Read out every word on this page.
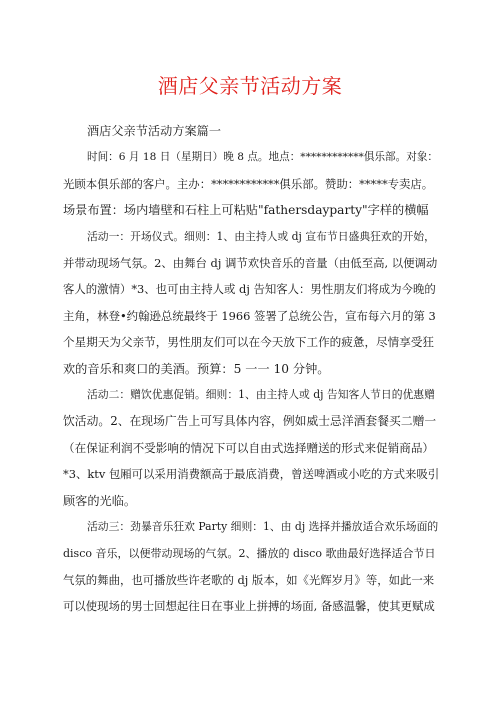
酒店父亲节活动方案
酒店父亲节活动方案篇一
时间：6 月 18 日（星期日）晚 8 点。地点：************俱乐部。对象：
光顾本俱乐部的客户。主办：************俱乐部。赞助：*****专卖店。
场景布置：场内墙壁和石柱上可粘贴"fathersdayparty"字样的横幅
活动一：开场仪式。细则：1、由主持人或 dj 宣布节日盛典狂欢的开始，
并带动现场气氛。2、由舞台 dj 调节欢快音乐的音量（由低至高, 以便调动
客人的激情）*3、也可由主持人或 dj 告知客人：男性朋友们将成为今晚的
主角，林登•约翰逊总统最终于 1966 签署了总统公告，宣布每六月的第 3
个星期天为父亲节，男性朋友们可以在今天放下工作的疲惫，尽情享受狂
欢的音乐和爽口的美酒。预算：5 一一 10 分钟。
活动二：赠饮优惠促销。细则：1、由主持人或 dj 告知客人节日的优惠赠
饮活动。2、在现场广告上可写具体内容，例如威士忌洋酒套餐买二赠一
（在保证利润不受影响的情况下可以自由式选择赠送的形式来促销商品）
*3、ktv 包厢可以采用消费额高于最底消费，曾送啤酒或小吃的方式来吸引
顾客的光临。
活动三：劲暴音乐狂欢 Party 细则：1、由 dj 选择并播放适合欢乐场面的
disco 音乐，以便带动现场的气氛。2、播放的 disco 歌曲最好选择适合节日
气氛的舞曲，也可播放些许老歌的 dj 版本，如《光辉岁月》等，如此一来
可以使现场的男士回想起往日在事业上拼搏的场面, 备感温馨，使其更赋成
